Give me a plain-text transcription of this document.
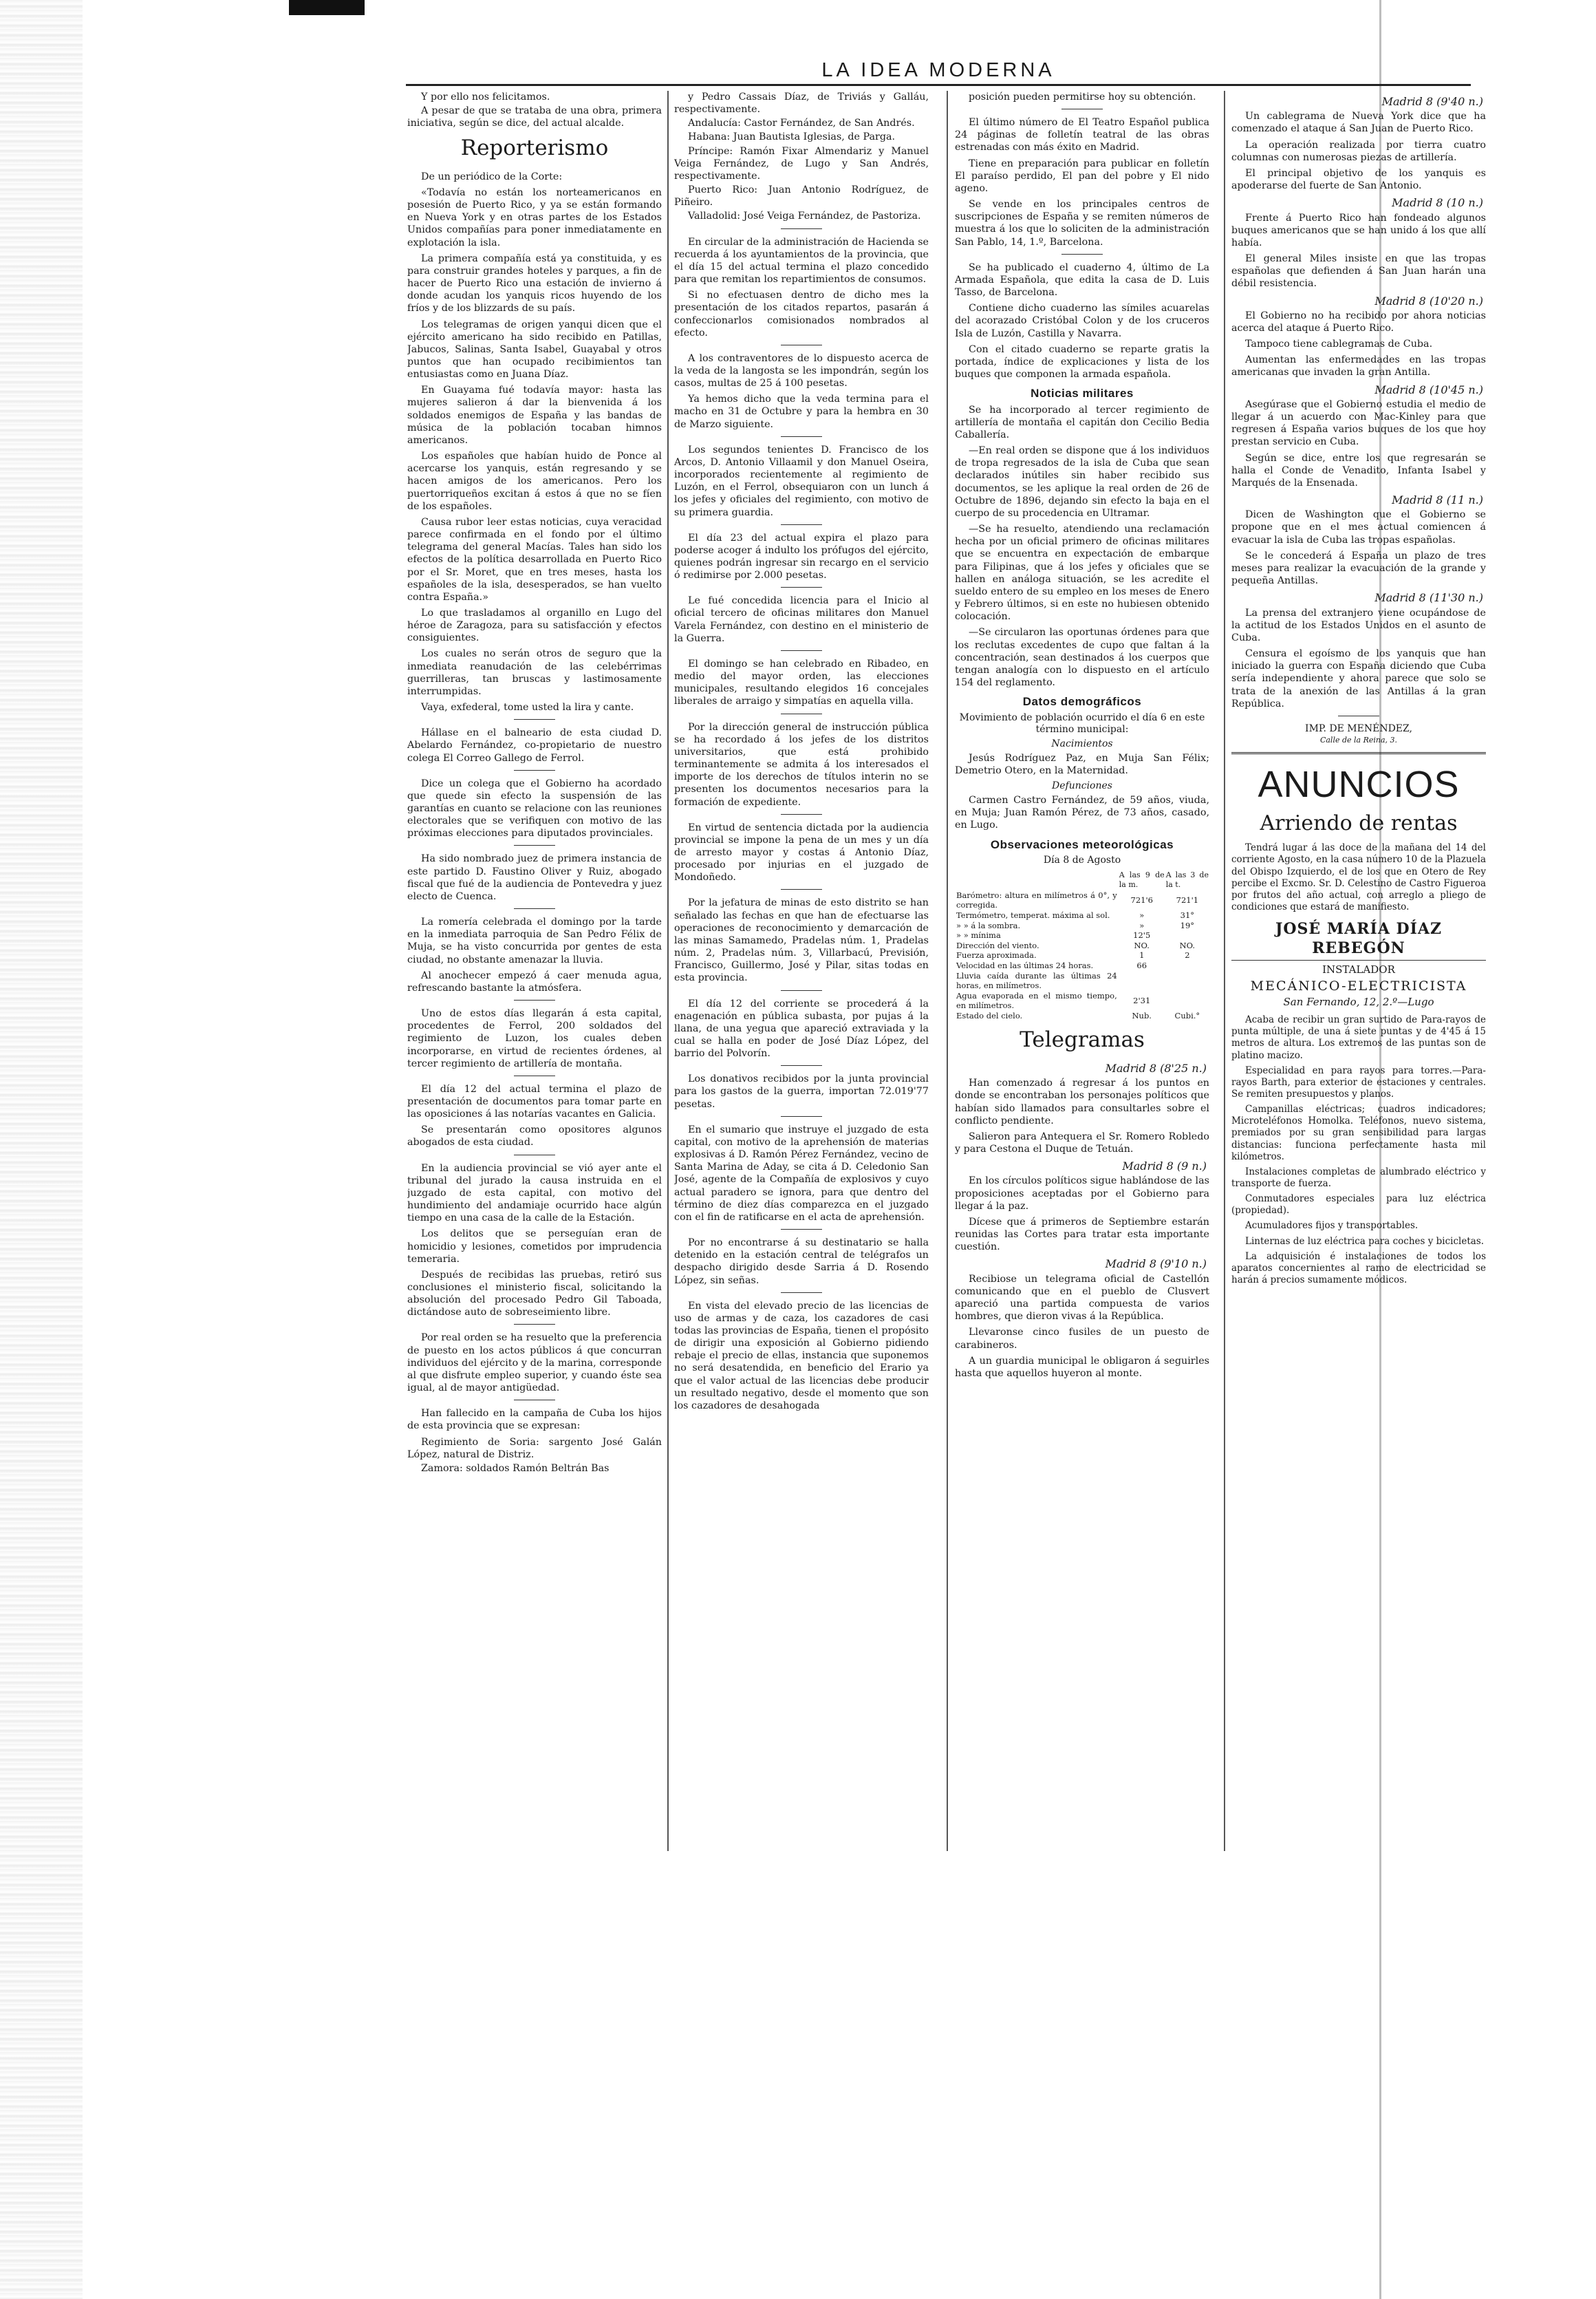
LA IDEA MODERNA

Y por ello nos felicitamos.

A pesar de que se trataba de una obra, primera iniciativa, según se dice, del actual alcalde.

Reporterismo

De un periódico de la Corte:

«Todavía no están los norteamericanos en posesión de Puerto Rico, y ya se están formando en Nueva York y en otras partes de los Estados Unidos compañías para poner inmediatamente en explotación la isla.

La primera compañía está ya constituida, y es para construir grandes hoteles y parques, a fin de hacer de Puerto Rico una estación de invierno á donde acudan los yanquis ricos huyendo de los fríos y de los blizzards de su país.

Los telegramas de origen yanqui dicen que el ejército americano ha sido recibido en Patillas, Jabucos, Salinas, Santa Isabel, Guayabal y otros puntos que han ocupado recibimientos tan entusiastas como en Juana Díaz.

En Guayama fué todavía mayor: hasta las mujeres salieron á dar la bienvenida á los soldados enemigos de España y las bandas de música de la población tocaban himnos americanos.

Los españoles que habían huido de Ponce al acercarse los yanquis, están regresando y se hacen amigos de los americanos. Pero los puertorriqueños excitan á estos á que no se fíen de los españoles.

Causa rubor leer estas noticias, cuya veracidad parece confirmada en el fondo por el último telegrama del general Macías. Tales han sido los efectos de la política desarrollada en Puerto Rico por el Sr. Moret, que en tres meses, hasta los españoles de la isla, desesperados, se han vuelto contra España.»

Lo que trasladamos al organillo en Lugo del héroe de Zaragoza, para su satisfacción y efectos consiguientes.

Los cuales no serán otros de seguro que la inmediata reanudación de las celebérrimas guerrilleras, tan bruscas y lastimosamente interrumpidas.

Vaya, exfederal, tome usted la lira y cante.

Hállase en el balneario de esta ciudad D. Abelardo Fernández, co-propietario de nuestro colega El Correo Gallego de Ferrol.

Dice un colega que el Gobierno ha acordado que quede sin efecto la suspensión de las garantías en cuanto se relacione con las reuniones electorales que se verifiquen con motivo de las próximas elecciones para diputados provinciales.

Ha sido nombrado juez de primera instancia de este partido D. Faustino Oliver y Ruiz, abogado fiscal que fué de la audiencia de Pontevedra y juez electo de Cuenca.

La romería celebrada el domingo por la tarde en la inmediata parroquia de San Pedro Félix de Muja, se ha visto concurrida por gentes de esta ciudad, no obstante amenazar la lluvia.

Al anochecer empezó á caer menuda agua, refrescando bastante la atmósfera.

Uno de estos días llegarán á esta capital, procedentes de Ferrol, 200 soldados del regimiento de Luzon, los cuales deben incorporarse, en virtud de recientes órdenes, al tercer regimiento de artillería de montaña.

El día 12 del actual termina el plazo de presentación de documentos para tomar parte en las oposiciones á las notarías vacantes en Galicia.

Se presentarán como opositores algunos abogados de esta ciudad.

En la audiencia provincial se vió ayer ante el tribunal del jurado la causa instruida en el juzgado de esta capital, con motivo del hundimiento del andamiaje ocurrido hace algún tiempo en una casa de la calle de la Estación.

Los delitos que se perseguían eran de homicidio y lesiones, cometidos por imprudencia temeraria.

Después de recibidas las pruebas, retiró sus conclusiones el ministerio fiscal, solicitando la absolución del procesado Pedro Gil Taboada, dictándose auto de sobreseimiento libre.

Por real orden se ha resuelto que la preferencia de puesto en los actos públicos á que concurran individuos del ejército y de la marina, corresponde al que disfrute empleo superior, y cuando éste sea igual, al de mayor antigüedad.

Han fallecido en la campaña de Cuba los hijos de esta provincia que se expresan:

Regimiento de Soria: sargento José Galán López, natural de Distriz.

Zamora: soldados Ramón Beltrán Bas

y Pedro Cassais Díaz, de Triviás y Galláu, respectivamente.

Andalucía: Castor Fernández, de San Andrés.

Habana: Juan Bautista Iglesias, de Parga.

Príncipe: Ramón Fixar Almendariz y Manuel Veiga Fernández, de Lugo y San Andrés, respectivamente.

Puerto Rico: Juan Antonio Rodríguez, de Piñeiro.

Valladolid: José Veiga Fernández, de Pastoriza.

En circular de la administración de Hacienda se recuerda á los ayuntamientos de la provincia, que el día 15 del actual termina el plazo concedido para que remitan los repartimientos de consumos.

Si no efectuasen dentro de dicho mes la presentación de los citados repartos, pasarán á confeccionarlos comisionados nombrados al efecto.

A los contraventores de lo dispuesto acerca de la veda de la langosta se les impondrán, según los casos, multas de 25 á 100 pesetas.

Ya hemos dicho que la veda termina para el macho en 31 de Octubre y para la hembra en 30 de Marzo siguiente.

Los segundos tenientes D. Francisco de los Arcos, D. Antonio Villaamil y don Manuel Oseira, incorporados recientemente al regimiento de Luzón, en el Ferrol, obsequiaron con un lunch á los jefes y oficiales del regimiento, con motivo de su primera guardia.

El día 23 del actual expira el plazo para poderse acoger á indulto los prófugos del ejército, quienes podrán ingresar sin recargo en el servicio ó redimirse por 2.000 pesetas.

Le fué concedida licencia para el Inicio al oficial tercero de oficinas militares don Manuel Varela Fernández, con destino en el ministerio de la Guerra.

El domingo se han celebrado en Ribadeo, en medio del mayor orden, las elecciones municipales, resultando elegidos 16 concejales liberales de arraigo y simpatías en aquella villa.

Por la dirección general de instrucción pública se ha recordado á los jefes de los distritos universitarios, que está prohibido terminantemente se admita á los interesados el importe de los derechos de títulos interin no se presenten los documentos necesarios para la formación de expediente.

En virtud de sentencia dictada por la audiencia provincial se impone la pena de un mes y un día de arresto mayor y costas á Antonio Díaz, procesado por injurias en el juzgado de Mondoñedo.

Por la jefatura de minas de esto distrito se han señalado las fechas en que han de efectuarse las operaciones de reconocimiento y demarcación de las minas Samamedo, Pradelas núm. 1, Pradelas núm. 2, Pradelas núm. 3, Villarbacú, Previsión, Francisco, Guillermo, José y Pilar, sitas todas en esta provincia.

El día 12 del corriente se procederá á la enagenación en pública subasta, por pujas á la llana, de una yegua que apareció extraviada y la cual se halla en poder de José Díaz López, del barrio del Polvorín.

Los donativos recibidos por la junta provincial para los gastos de la guerra, importan 72.019'77 pesetas.

En el sumario que instruye el juzgado de esta capital, con motivo de la aprehensión de materias explosivas á D. Ramón Pérez Fernández, vecino de Santa Marina de Aday, se cita á D. Celedonio San José, agente de la Compañía de explosivos y cuyo actual paradero se ignora, para que dentro del término de diez días comparezca en el juzgado con el fin de ratificarse en el acta de aprehensión.

Por no encontrarse á su destinatario se halla detenido en la estación central de telégrafos un despacho dirigido desde Sarria á D. Rosendo López, sin señas.

En vista del elevado precio de las licencias de uso de armas y de caza, los cazadores de casi todas las provincias de España, tienen el propósito de dirigir una exposición al Gobierno pidiendo rebaje el precio de ellas, instancia que suponemos no será desatendida, en beneficio del Erario ya que el valor actual de las licencias debe producir un resultado negativo, desde el momento que son los cazadores de desahogada

posición pueden permitirse hoy su obtención.

El último número de El Teatro Español publica 24 páginas de folletín teatral de las obras estrenadas con más éxito en Madrid.

Tiene en preparación para publicar en folletín El paraíso perdido, El pan del pobre y El nido ageno.

Se vende en los principales centros de suscripciones de España y se remiten números de muestra á los que lo soliciten de la administración San Pablo, 14, 1.º, Barcelona.

Se ha publicado el cuaderno 4, último de La Armada Española, que edita la casa de D. Luis Tasso, de Barcelona.

Contiene dicho cuaderno las símiles acuarelas del acorazado Cristóbal Colon y de los cruceros Isla de Luzón, Castilla y Navarra.

Con el citado cuaderno se reparte gratis la portada, índice de explicaciones y lista de los buques que componen la armada española.

Noticias militares

Se ha incorporado al tercer regimiento de artillería de montaña el capitán don Cecilio Bedia Caballería.

—En real orden se dispone que á los individuos de tropa regresados de la isla de Cuba que sean declarados inútiles sin haber recibido sus documentos, se les aplique la real orden de 26 de Octubre de 1896, dejando sin efecto la baja en el cuerpo de su procedencia en Ultramar.

—Se ha resuelto, atendiendo una reclamación hecha por un oficial primero de oficinas militares que se encuentra en expectación de embarque para Filipinas, que á los jefes y oficiales que se hallen en análoga situación, se les acredite el sueldo entero de su empleo en los meses de Enero y Febrero últimos, si en este no hubiesen obtenido colocación.

—Se circularon las oportunas órdenes para que los reclutas excedentes de cupo que faltan á la concentración, sean destinados á los cuerpos que tengan analogía con lo dispuesto en el artículo 154 del reglamento.

Datos demográficos
Movimiento de población ocurrido el día 6 en este término municipal:
Nacimientos

Jesús Rodríguez Paz, en Muja San Félix; Demetrio Otero, en la Maternidad.

Defunciones

Carmen Castro Fernández, de 59 años, viuda, en Muja; Juan Ramón Pérez, de 73 años, casado, en Lugo.

Observaciones meteorológicas
Día 8 de Agosto
	A las 9 de la m.	A las 3 de la t.
Barómetro: altura en milímetros á 0°, y corregida.	721'6	721'1
Termómetro, temperat. máxima al sol.	»	31°
» » á la sombra.	»	19°
» » mínima	12'5	
Dirección del viento.	NO.	NO.
Fuerza aproximada.	1	2
Velocidad en las últimas 24 horas.	66	
Lluvia caída durante las últimas 24 horas, en milímetros.		
Agua evaporada en el mismo tiempo, en milímetros.	2'31	
Estado del cielo.	Nub.	Cubi.°
Telegramas
Madrid 8 (8'25 n.)

Han comenzado á regresar á los puntos en donde se encontraban los personajes políticos que habían sido llamados para consultarles sobre el conflicto pendiente.

Salieron para Antequera el Sr. Romero Robledo y para Cestona el Duque de Tetuán.

Madrid 8 (9 n.)

En los círculos políticos sigue hablándose de las proposiciones aceptadas por el Gobierno para llegar á la paz.

Dícese que á primeros de Septiembre estarán reunidas las Cortes para tratar esta importante cuestión.

Madrid 8 (9'10 n.)

Recibiose un telegrama oficial de Castellón comunicando que en el pueblo de Clusvert apareció una partida compuesta de varios hombres, que dieron vivas á la República.

Llevaronse cinco fusiles de un puesto de carabineros.

A un guardia municipal le obligaron á seguirles hasta que aquellos huyeron al monte.

Madrid 8 (9'40 n.)

Un cablegrama de Nueva York dice que ha comenzado el ataque á San Juan de Puerto Rico.

La operación realizada por tierra cuatro columnas con numerosas piezas de artillería.

El principal objetivo de los yanquis es apoderarse del fuerte de San Antonio.

Madrid 8 (10 n.)

Frente á Puerto Rico han fondeado algunos buques americanos que se han unido á los que allí había.

El general Miles insiste en que las tropas españolas que defienden á San Juan harán una débil resistencia.

Madrid 8 (10'20 n.)

El Gobierno no ha recibido por ahora noticias acerca del ataque á Puerto Rico.

Tampoco tiene cablegramas de Cuba.

Aumentan las enfermedades en las tropas americanas que invaden la gran Antilla.

Madrid 8 (10'45 n.)

Asegúrase que el Gobierno estudia el medio de llegar á un acuerdo con Mac-Kinley para que regresen á España varios buques de los que hoy prestan servicio en Cuba.

Según se dice, entre los que regresarán se halla el Conde de Venadito, Infanta Isabel y Marqués de la Ensenada.

Madrid 8 (11 n.)

Dicen de Washington que el Gobierno se propone que en el mes actual comiencen á evacuar la isla de Cuba las tropas españolas.

Se le concederá á España un plazo de tres meses para realizar la evacuación de la grande y pequeña Antillas.

Madrid 8 (11'30 n.)

La prensa del extranjero viene ocupándose de la actitud de los Estados Unidos en el asunto de Cuba.

Censura el egoísmo de los yanquis que han iniciado la guerra con España diciendo que Cuba sería independiente y ahora parece que solo se trata de la anexión de las Antillas á la gran República.

IMP. DE MENÉNDEZ,
Calle de la Reina, 3.
ANUNCIOS
Arriendo de rentas

Tendrá lugar á las doce de la mañana del 14 del corriente Agosto, en la casa número 10 de la Plazuela del Obispo Izquierdo, el de los que en Otero de Rey percibe el Excmo. Sr. D. Celestino de Castro Figueroa por frutos del año actual, con arreglo a pliego de condiciones que estará de manifiesto.

JOSÉ MARÍA DÍAZ REBEGÓN
INSTALADOR
MECÁNICO-ELECTRICISTA
San Fernando, 12, 2.º—Lugo

Acaba de recibir un gran surtido de Para-rayos de punta múltiple, de una á siete puntas y de 4'45 á 15 metros de altura. Los extremos de las puntas son de platino macizo.

Especialidad en para rayos para torres.—Para-rayos Barth, para exterior de estaciones y centrales. Se remiten presupuestos y planos.

Campanillas eléctricas; cuadros indicadores; Microteléfonos Homolka. Teléfonos, nuevo sistema, premiados por su gran sensibilidad para largas distancias: funciona perfectamente hasta mil kilómetros.

Instalaciones completas de alumbrado eléctrico y transporte de fuerza.

Conmutadores especiales para luz eléctrica (propiedad).

Acumuladores fijos y transportables.

Linternas de luz eléctrica para coches y bicicletas.

La adquisición é instalaciones de todos los aparatos concernientes al ramo de electricidad se harán á precios sumamente módicos.
